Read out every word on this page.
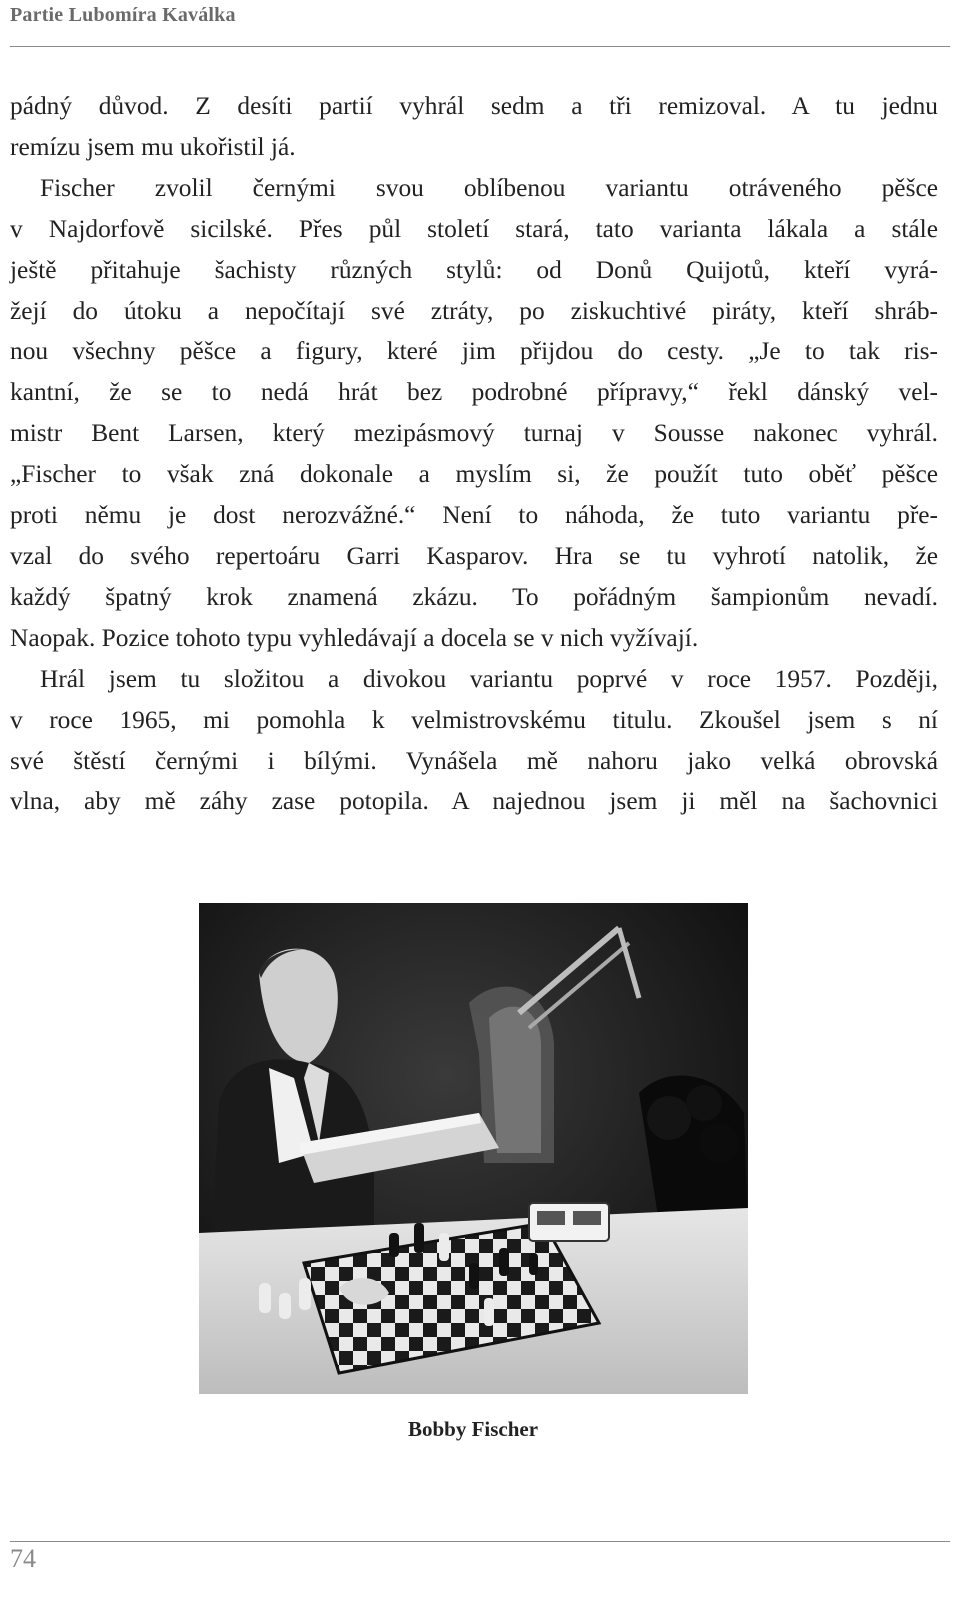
Partie Lubomíra Kaválka
pádný důvod. Z desíti partií vyhrál sedm a tři remizoval. A tu jednu
remízu jsem mu ukořistil já.
Fischer zvolil černými svou oblíbenou variantu otráveného pěšce
v Najdorfově sicilské. Přes půl století stará, tato varianta lákala a stále
ještě přitahuje šachisty různých stylů: od Donů Quijotů, kteří vyrá-
žejí do útoku a nepočítají své ztráty, po ziskuchtivé piráty, kteří shráb-
nou všechny pěšce a figury, které jim přijdou do cesty. „Je to tak ris-
kantní, že se to nedá hrát bez podrobné přípravy,“ řekl dánský vel-
mistr Bent Larsen, který mezipásmový turnaj v Sousse nakonec vyhrál.
„Fischer to však zná dokonale a myslím si, že použít tuto oběť pěšce
proti němu je dost nerozvážné.“ Není to náhoda, že tuto variantu pře-
vzal do svého repertoáru Garri Kasparov. Hra se tu vyhrotí natolik, že
každý špatný krok znamená zkázu. To pořádným šampionům nevadí.
Naopak. Pozice tohoto typu vyhledávají a docela se v nich vyžívají.
Hrál jsem tu složitou a divokou variantu poprvé v roce 1957. Později,
v roce 1965, mi pomohla k velmistrovskému titulu. Zkoušel jsem s ní
své štěstí černými i bílými. Vynášela mě nahoru jako velká obrovská
vlna, aby mě záhy zase potopila. A najednou jsem ji měl na šachovnici
Bobby Fischer
74
